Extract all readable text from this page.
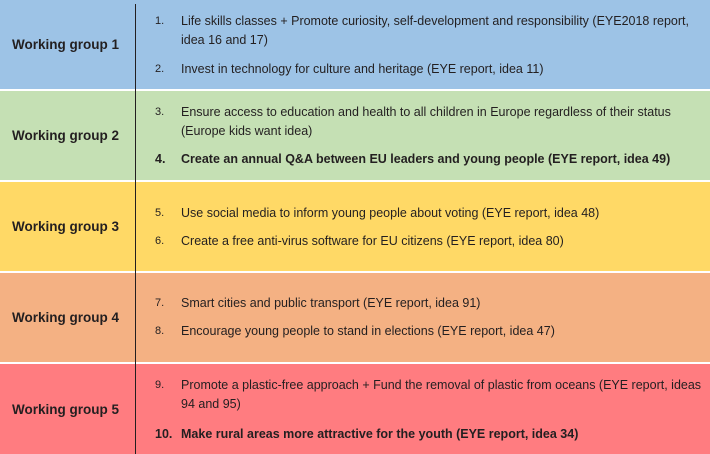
Working group 1
1.	Life skills classes + Promote curiosity, self-development and responsibility (EYE2018 report, idea 16 and 17)
2.	Invest in technology for culture and heritage (EYE report, idea 11)
Working group 2
3.	Ensure access to education and health to all children in Europe regardless of their status (Europe kids want idea)
4.	Create an annual Q&A between EU leaders and young people (EYE report, idea 49)
Working group 3
5.	Use social media to inform young people about voting (EYE report, idea 48)
6.	Create a free anti-virus software for EU citizens (EYE report, idea 80)
Working group 4
7.	Smart cities and public transport (EYE report, idea 91)
8.	Encourage young people to stand in elections (EYE report, idea 47)
Working group 5
9.	Promote a plastic-free approach + Fund the removal of plastic from oceans (EYE report, ideas 94 and 95)
10. Make rural areas more attractive for the youth (EYE report, idea 34)
